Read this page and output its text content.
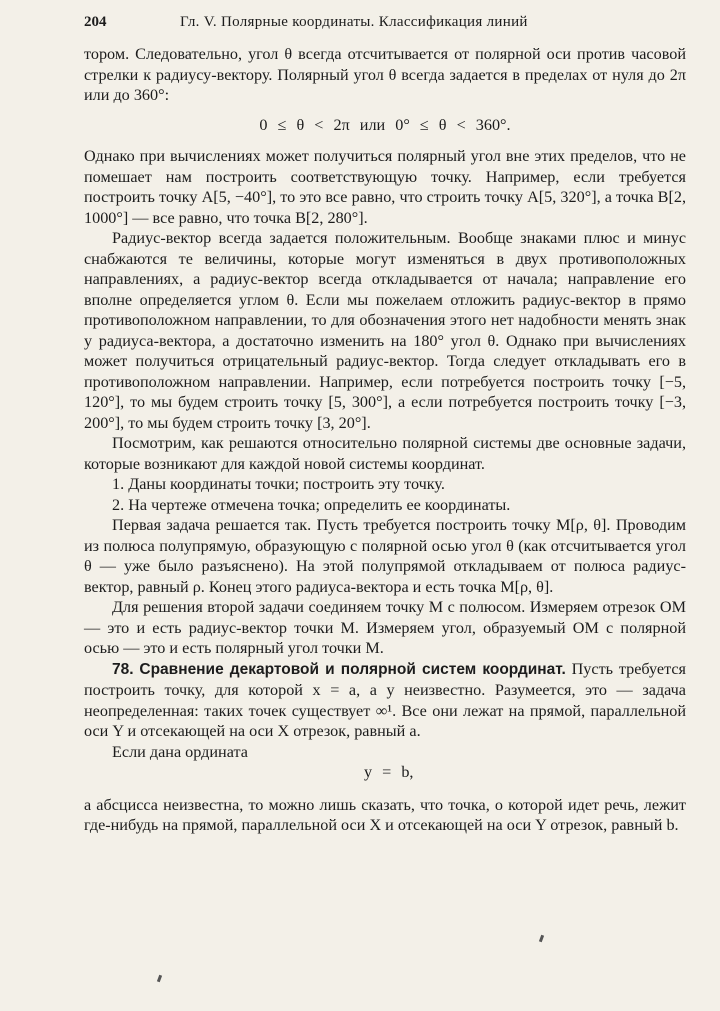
204	Гл. V. Полярные координаты. Классификация линий

тором. Следовательно, угол θ всегда отсчитывается от полярной оси против часовой стрелки к радиусу-вектору. Полярный угол θ всегда задается в пределах от нуля до 2π или до 360°:

0 ≤ θ < 2π или 0° ≤ θ < 360°.

Однако при вычислениях может получиться полярный угол вне этих пределов, что не помешает нам построить соответствующую точку. Например, если требуется построить точку A[5, −40°], то это все равно, что строить точку A[5, 320°], а точка B[2, 1000°] — все равно, что точка B[2, 280°].

Радиус-вектор всегда задается положительным. Вообще знаками плюс и минус снабжаются те величины, которые могут изменяться в двух противоположных направлениях, а радиус-вектор всегда откладывается от начала; направление его вполне определяется углом θ. Если мы пожелаем отложить радиус-вектор в прямо противоположном направлении, то для обозначения этого нет надобности менять знак у радиуса-вектора, а достаточно изменить на 180° угол θ. Однако при вычислениях может получиться отрицательный радиус-вектор. Тогда следует откладывать его в противоположном направлении. Например, если потребуется построить точку [−5, 120°], то мы будем строить точку [5, 300°], а если потребуется построить точку [−3, 200°], то мы будем строить точку [3, 20°].

Посмотрим, как решаются относительно полярной системы две основные задачи, которые возникают для каждой новой системы координат.

1. Даны координаты точки; построить эту точку.

2. На чертеже отмечена точка; определить ее координаты.

Первая задача решается так. Пусть требуется построить точку M[ρ, θ]. Проводим из полюса полупрямую, образующую с полярной осью угол θ (как отсчитывается угол θ — уже было разъяснено). На этой полупрямой откладываем от полюса радиус-вектор, равный ρ. Конец этого радиуса-вектора и есть точка M[ρ, θ].

Для решения второй задачи соединяем точку M с полюсом. Измеряем отрезок OM — это и есть радиус-вектор точки M. Измеряем угол, образуемый OM с полярной осью — это и есть полярный угол точки M.

78. Сравнение декартовой и полярной систем координат. Пусть требуется построить точку, для которой x = a, а y неизвестно. Разумеется, это — задача неопределенная: таких точек существует ∞¹. Все они лежат на прямой, параллельной оси Y и отсекающей на оси X отрезок, равный a.

Если дана ордината

y = b,

а абсцисса неизвестна, то можно лишь сказать, что точка, о которой идет речь, лежит где-нибудь на прямой, параллельной оси X и отсекающей на оси Y отрезок, равный b.
